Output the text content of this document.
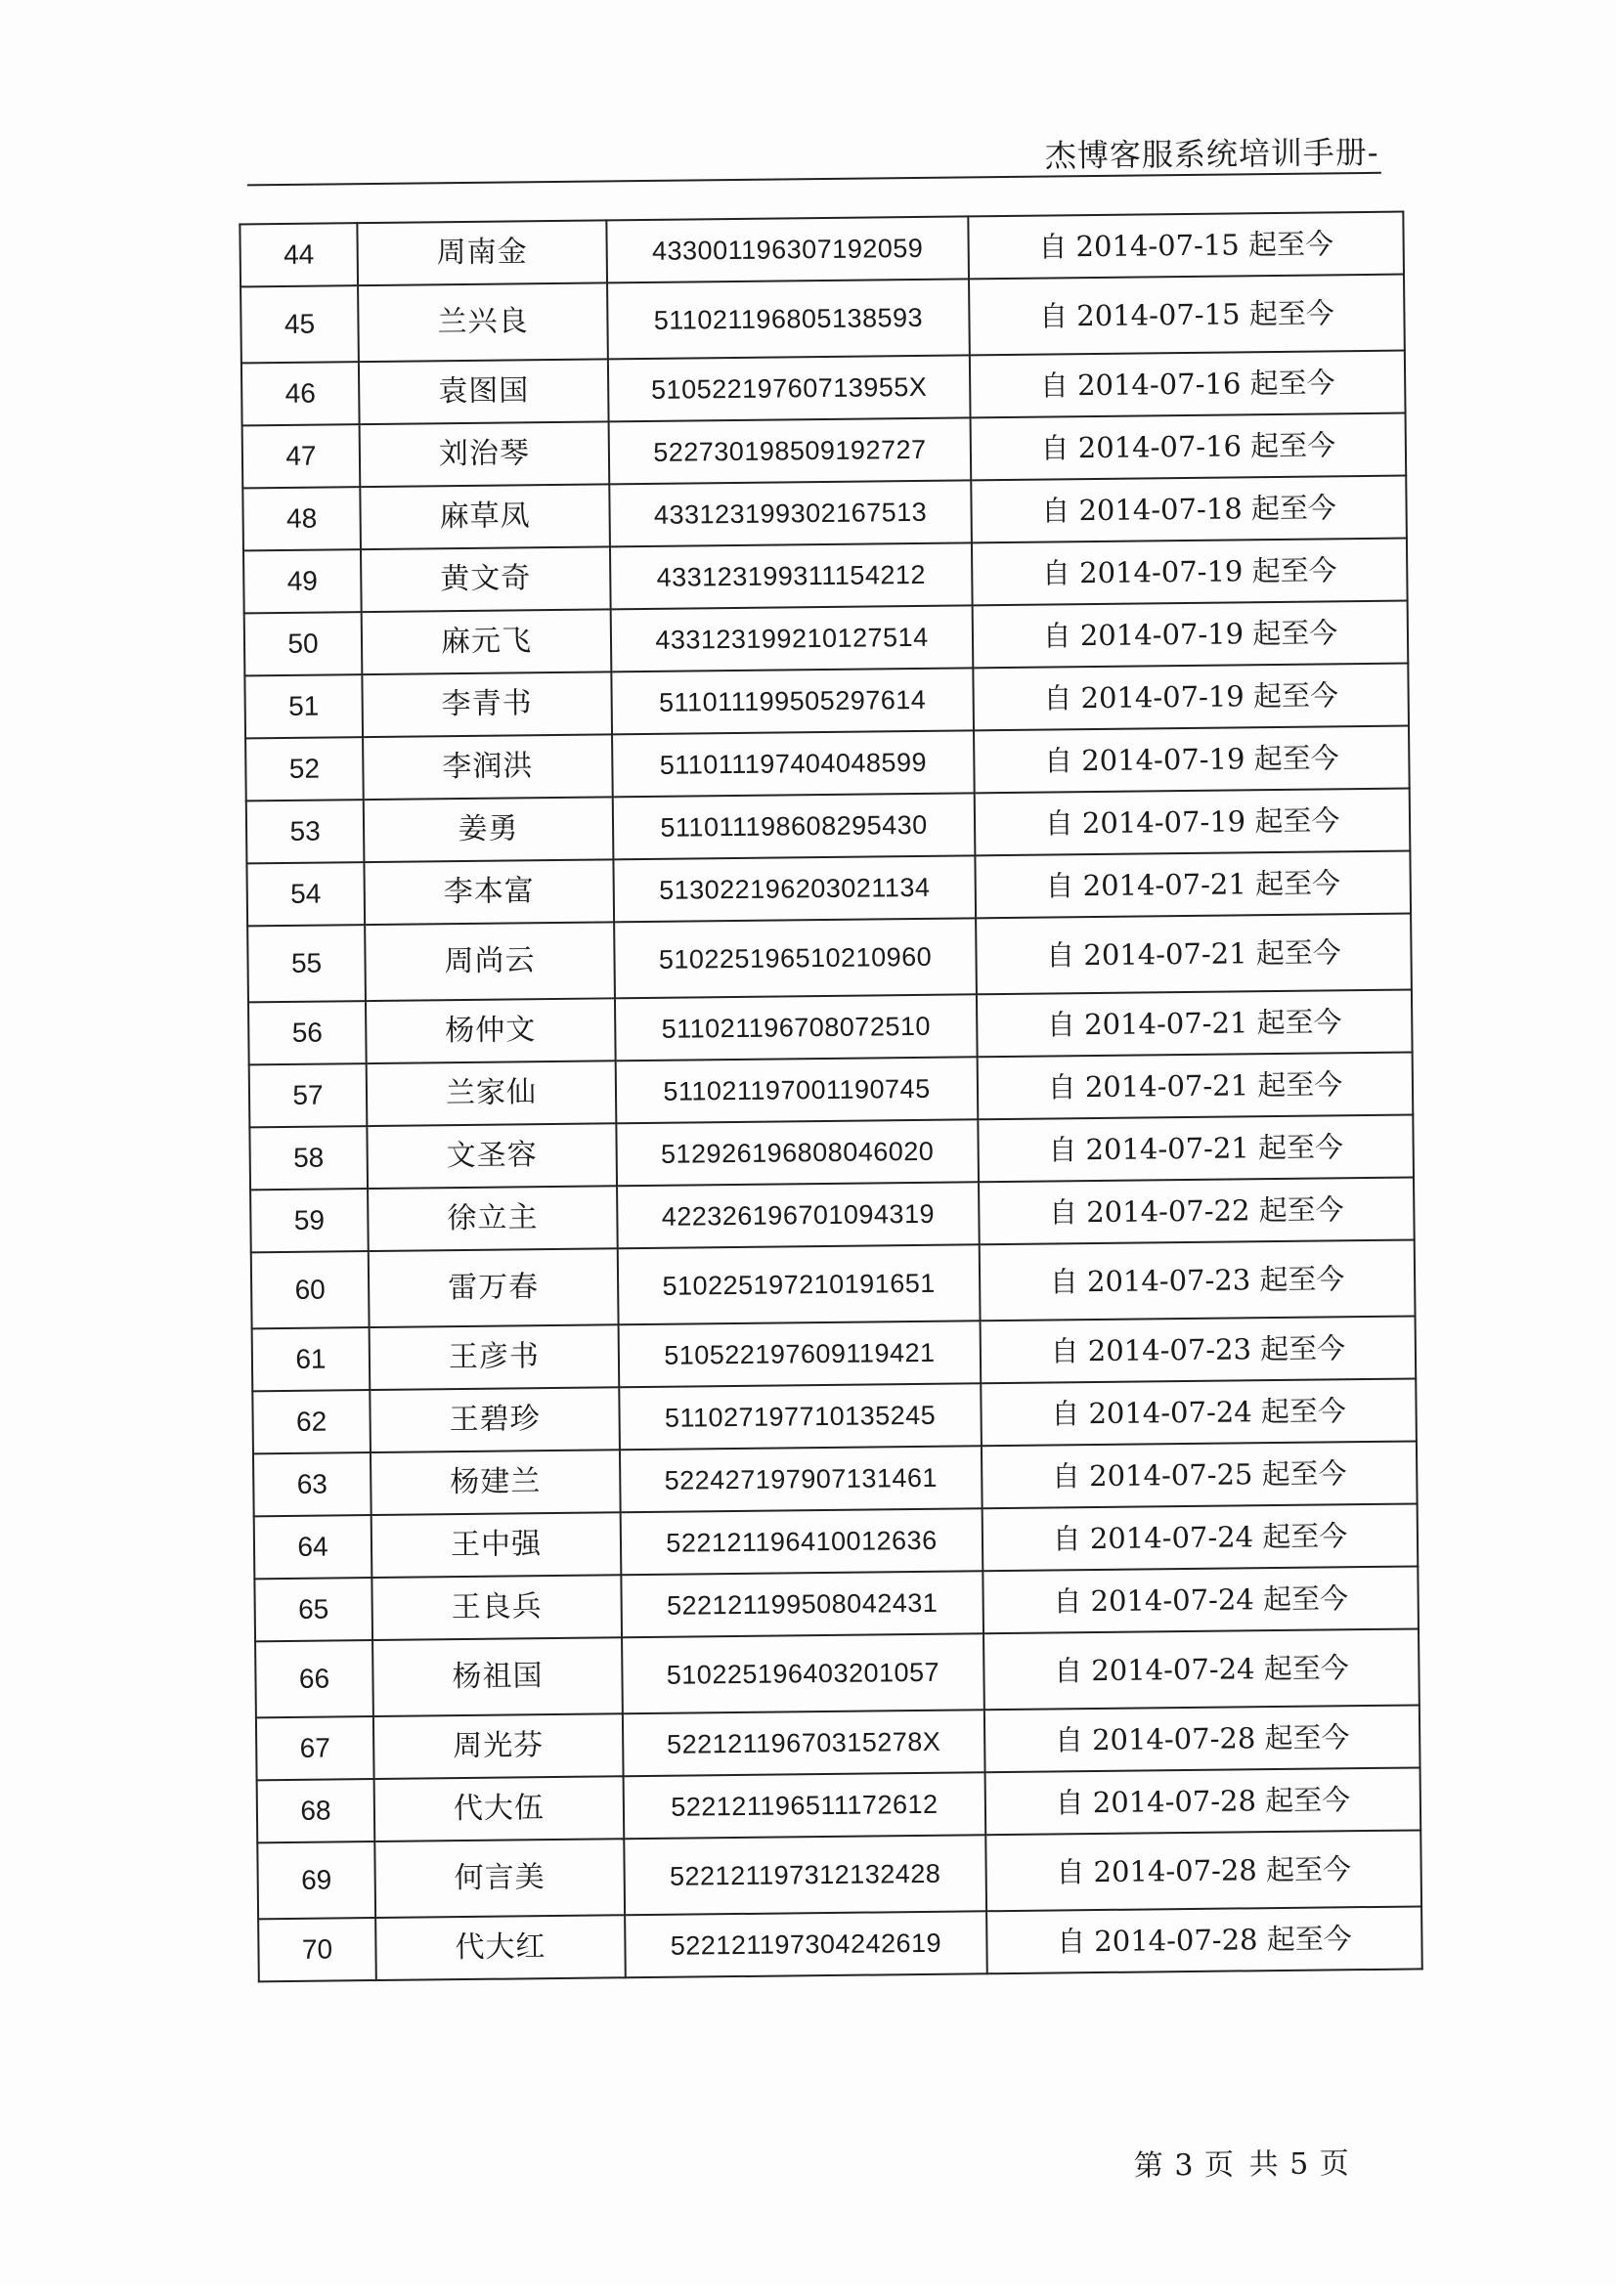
杰博客服系统培训手册-
44	周南金	433001196307192059	自 2014-07-15 起至今
45	兰兴良	511021196805138593	自 2014-07-15 起至今
46	袁图国	51052219760713955X	自 2014-07-16 起至今
47	刘治琴	522730198509192727	自 2014-07-16 起至今
48	麻草凤	433123199302167513	自 2014-07-18 起至今
49	黄文奇	433123199311154212	自 2014-07-19 起至今
50	麻元飞	433123199210127514	自 2014-07-19 起至今
51	李青书	511011199505297614	自 2014-07-19 起至今
52	李润洪	511011197404048599	自 2014-07-19 起至今
53	姜勇	511011198608295430	自 2014-07-19 起至今
54	李本富	513022196203021134	自 2014-07-21 起至今
55	周尚云	510225196510210960	自 2014-07-21 起至今
56	杨仲文	511021196708072510	自 2014-07-21 起至今
57	兰家仙	511021197001190745	自 2014-07-21 起至今
58	文圣容	512926196808046020	自 2014-07-21 起至今
59	徐立主	422326196701094319	自 2014-07-22 起至今
60	雷万春	510225197210191651	自 2014-07-23 起至今
61	王彦书	510522197609119421	自 2014-07-23 起至今
62	王碧珍	511027197710135245	自 2014-07-24 起至今
63	杨建兰	522427197907131461	自 2014-07-25 起至今
64	王中强	522121196410012636	自 2014-07-24 起至今
65	王良兵	522121199508042431	自 2014-07-24 起至今
66	杨祖国	510225196403201057	自 2014-07-24 起至今
67	周光芬	52212119670315278X	自 2014-07-28 起至今
68	代大伍	522121196511172612	自 2014-07-28 起至今
69	何言美	522121197312132428	自 2014-07-28 起至今
70	代大红	522121197304242619	自 2014-07-28 起至今
第 3 页 共 5 页
